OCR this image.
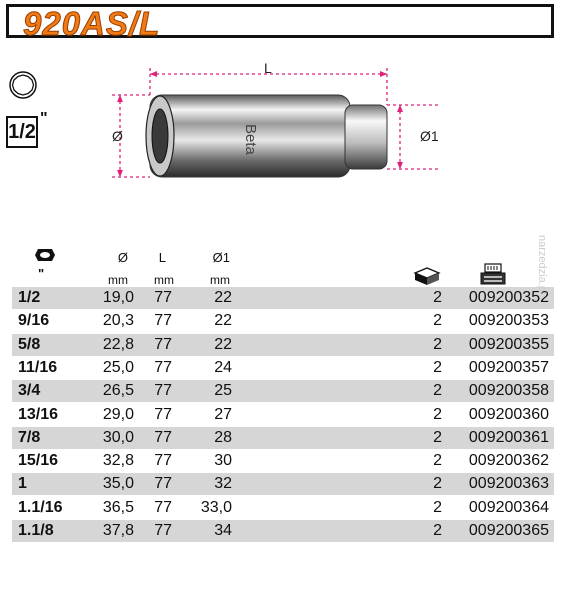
920AS/L
1/2
"
Beta
L
Ø	Ø1
"
Ø
mm
L
mm
Ø1
mm
1/2	19,0 77	22	2 009200352
9/16	20,3 77	22	2 009200353
5/8	22,8 77	22	2 009200355
11/16	25,0 77	24	2 009200357
3/4	26,5 77	25	2 009200358
13/16	29,0 77	27	2 009200360
7/8	30,0 77	28	2 009200361
15/16	32,8 77	30	2 009200362
1	35,0 77	32	2 009200363
1.1/16	36,5 77 33,0	2 009200364
1.1/8	37,8 77	34	2 009200365
narzedzia.pl
